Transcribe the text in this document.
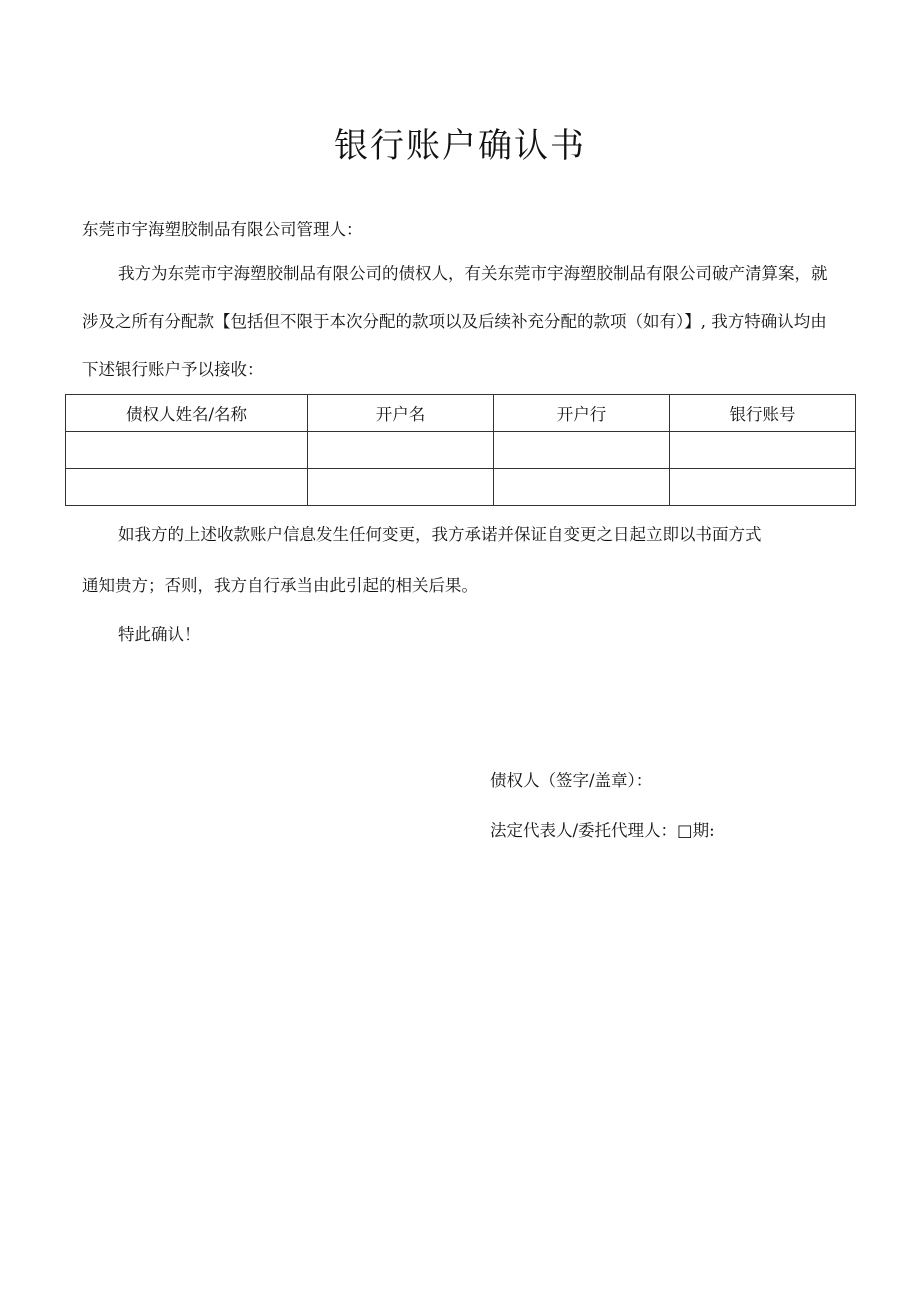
银行账户确认书
东莞市宇海塑胶制品有限公司管理人：
我方为东莞市宇海塑胶制品有限公司的债权人，有关东莞市宇海塑胶制品有限公司破产清算案，就
涉及之所有分配款【包括但不限于本次分配的款项以及后续补充分配的款项（如有）】, 我方特确认均由
下述银行账户予以接收：
债权人姓名/名称	开户名	开户行	银行账号

如我方的上述收款账户信息发生任何变更，我方承诺并保证自变更之日起立即以书面方式
通知贵方；否则，我方自行承当由此引起的相关后果。
特此确认！
债权人（签字/盖章）：
法定代表人/委托代理人：□期:
